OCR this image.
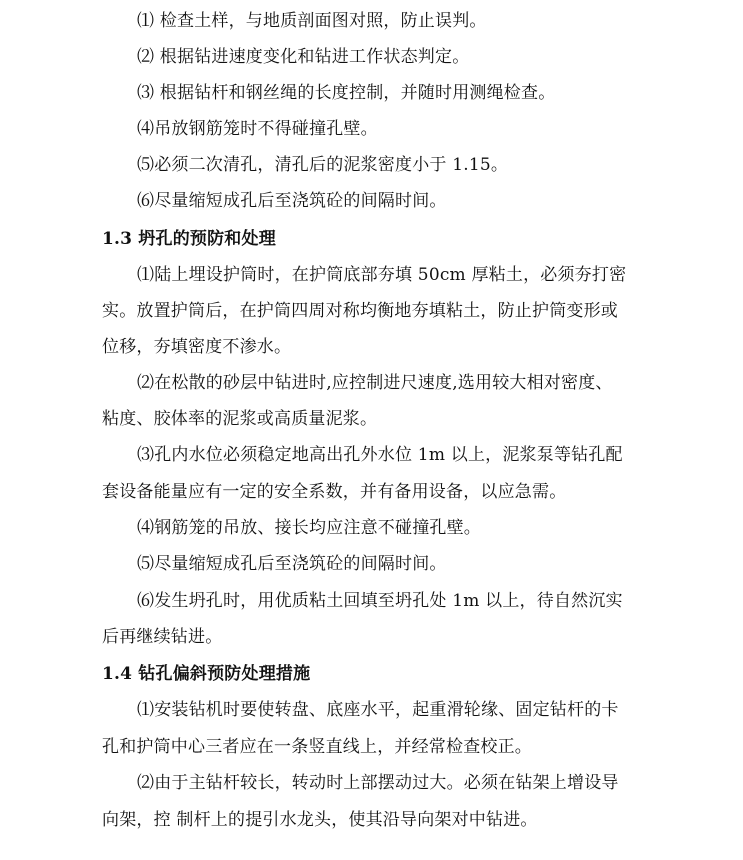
⑴ 检查土样，与地质剖面图对照，防止误判。
⑵ 根据钻进速度变化和钻进工作状态判定。
⑶ 根据钻杆和钢丝绳的长度控制，并随时用测绳检查。
⑷吊放钢筋笼时不得碰撞孔壁。
⑸必须二次清孔，清孔后的泥浆密度小于 1.15。
⑹尽量缩短成孔后至浇筑砼的间隔时间。
1.3 坍孔的预防和处理
⑴陆上埋设护筒时，在护筒底部夯填 50cm 厚粘土，必须夯打密
实。放置护筒后，在护筒四周对称均衡地夯填粘土，防止护筒变形或
位移，夯填密度不渗水。
⑵在松散的砂层中钻进时,应控制进尺速度,选用较大相对密度、
粘度、胶体率的泥浆或高质量泥浆。
⑶孔内水位必须稳定地高出孔外水位 1m 以上，泥浆泵等钻孔配
套设备能量应有一定的安全系数，并有备用设备，以应急需。
⑷钢筋笼的吊放、接长均应注意不碰撞孔壁。
⑸尽量缩短成孔后至浇筑砼的间隔时间。
⑹发生坍孔时，用优质粘土回填至坍孔处 1m 以上，待自然沉实
后再继续钻进。
1.4 钻孔偏斜预防处理措施
⑴安装钻机时要使转盘、底座水平，起重滑轮缘、固定钻杆的卡
孔和护筒中心三者应在一条竖直线上，并经常检查校正。
⑵由于主钻杆较长，转动时上部摆动过大。必须在钻架上增设导
向架，控 制杆上的提引水龙头，使其沿导向架对中钻进。
